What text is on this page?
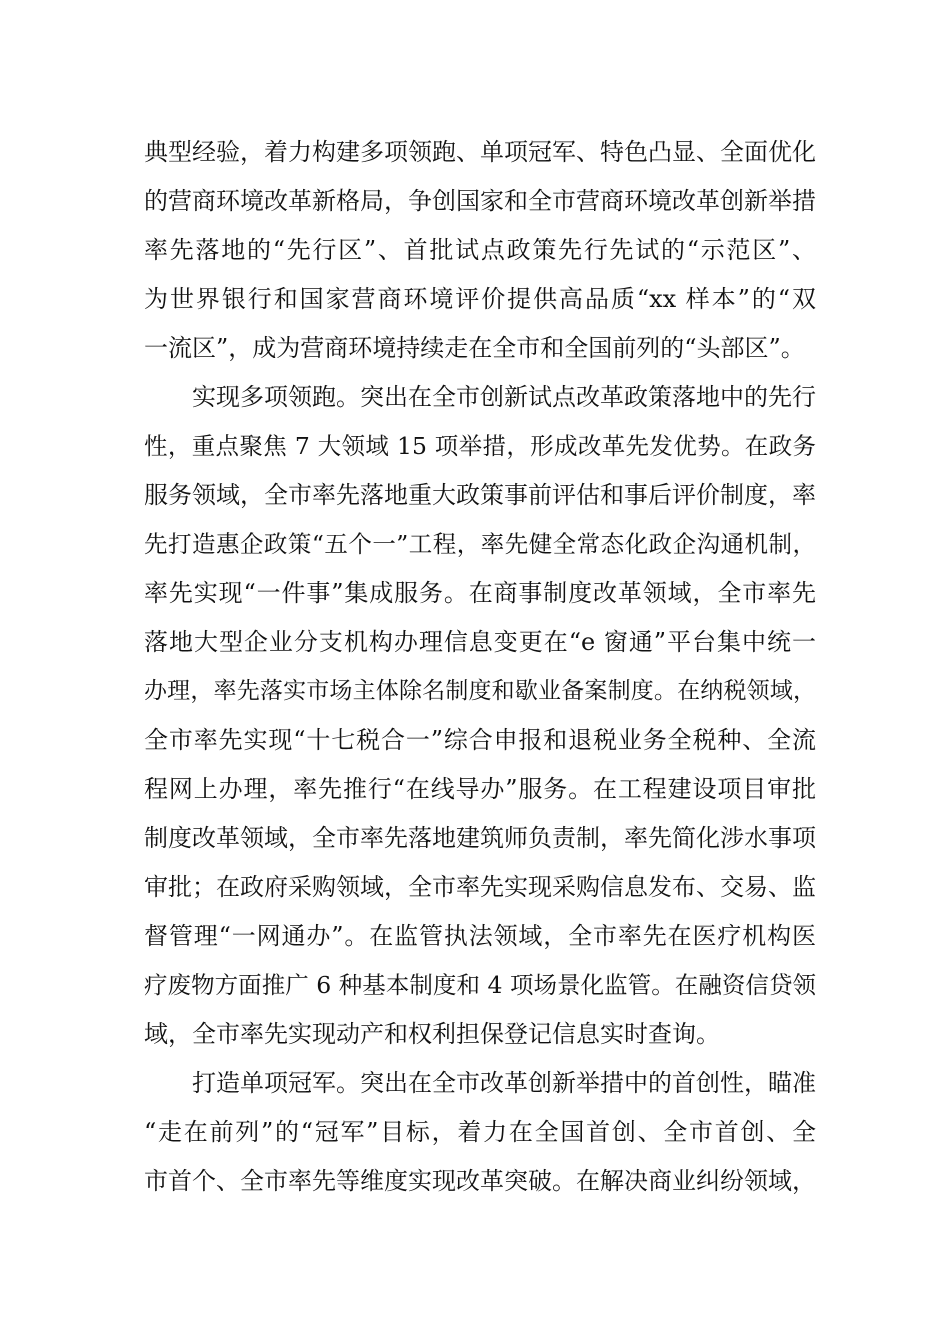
典型经验，着力构建多项领跑、单项冠军、特色凸显、全面优化
的营商环境改革新格局，争创国家和全市营商环境改革创新举措
率先落地的“先行区”、首批试点政策先行先试的“示范区”、
为世界银行和国家营商环境评价提供高品质“xx 样本”的“双
一流区”，成为营商环境持续走在全市和全国前列的“头部区”。
实现多项领跑。突出在全市创新试点改革政策落地中的先行
性，重点聚焦 7 大领域 15 项举措，形成改革先发优势。在政务
服务领域，全市率先落地重大政策事前评估和事后评价制度，率
先打造惠企政策“五个一”工程，率先健全常态化政企沟通机制，
率先实现“一件事”集成服务。在商事制度改革领域，全市率先
落地大型企业分支机构办理信息变更在“e 窗通”平台集中统一
办理，率先落实市场主体除名制度和歇业备案制度。在纳税领域，
全市率先实现“十七税合一”综合申报和退税业务全税种、全流
程网上办理，率先推行“在线导办”服务。在工程建设项目审批
制度改革领域，全市率先落地建筑师负责制，率先简化涉水事项
审批；在政府采购领域，全市率先实现采购信息发布、交易、监
督管理“一网通办”。在监管执法领域，全市率先在医疗机构医
疗废物方面推广 6 种基本制度和 4 项场景化监管。在融资信贷领
域，全市率先实现动产和权利担保登记信息实时查询。
打造单项冠军。突出在全市改革创新举措中的首创性，瞄准
“走在前列”的“冠军”目标，着力在全国首创、全市首创、全
市首个、全市率先等维度实现改革突破。在解决商业纠纷领域，
